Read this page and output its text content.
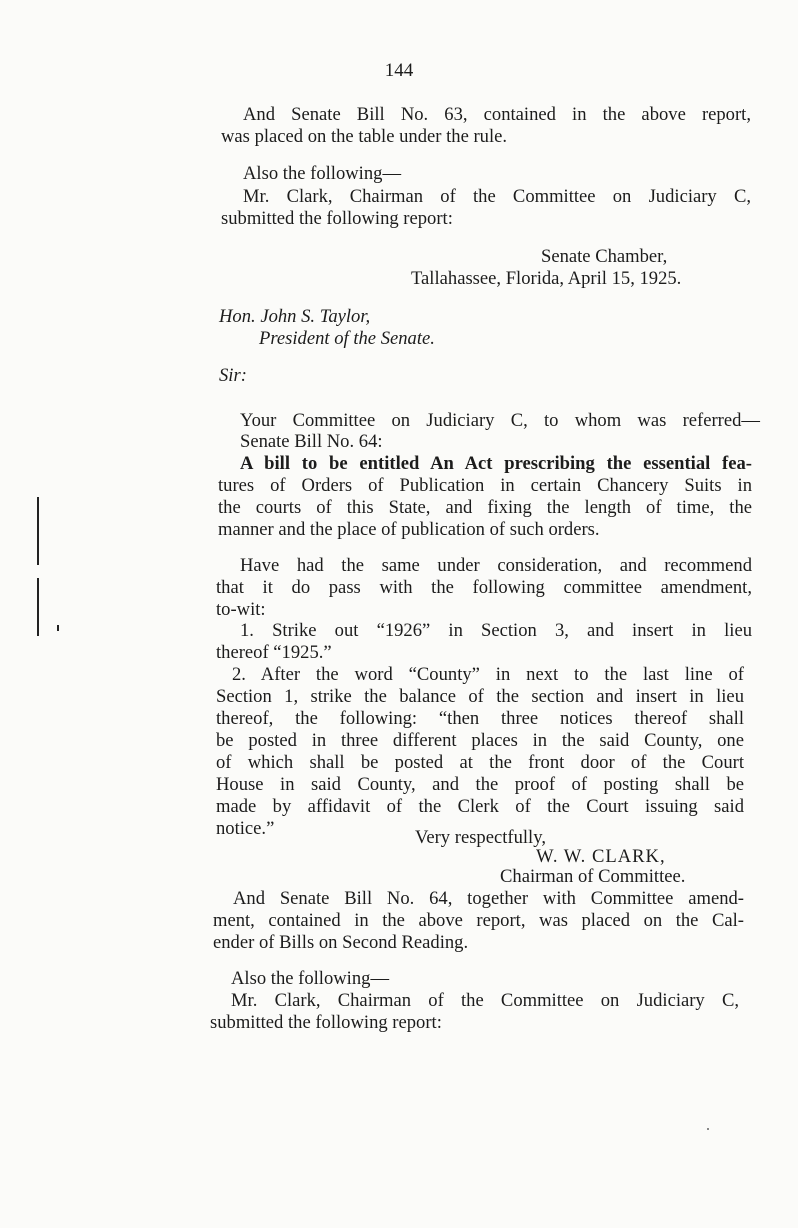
144
And Senate Bill No. 63, contained in the above report,
was placed on the table under the rule.
Also the following—
Mr. Clark, Chairman of the Committee on Judiciary C,
submitted the following report:
Senate Chamber,
Tallahassee, Florida, April 15, 1925.
Hon. John S. Taylor,
President of the Senate.
Sir:
Your Committee on Judiciary C, to whom was referred—
Senate Bill No. 64:
A bill to be entitled An Act prescribing the essential fea-
tures of Orders of Publication in certain Chancery Suits in
the courts of this State, and fixing the length of time, the
manner and the place of publication of such orders.
Have had the same under consideration, and recommend
that it do pass with the following committee amendment,
to-wit:
1. Strike out “1926” in Section 3, and insert in lieu
thereof “1925.”
2. After the word “County” in next to the last line of
Section 1, strike the balance of the section and insert in lieu
thereof, the following: “then three notices thereof shall
be posted in three different places in the said County, one
of which shall be posted at the front door of the Court
House in said County, and the proof of posting shall be
made by affidavit of the Clerk of the Court issuing said
notice.”	Very respectfully,
W. W. CLARK,
Chairman of Committee.
And Senate Bill No. 64, together with Committee amend-
ment, contained in the above report, was placed on the Cal-
ender of Bills on Second Reading.
Also the following—
Mr. Clark, Chairman of the Committee on Judiciary C,
submitted the following report:
